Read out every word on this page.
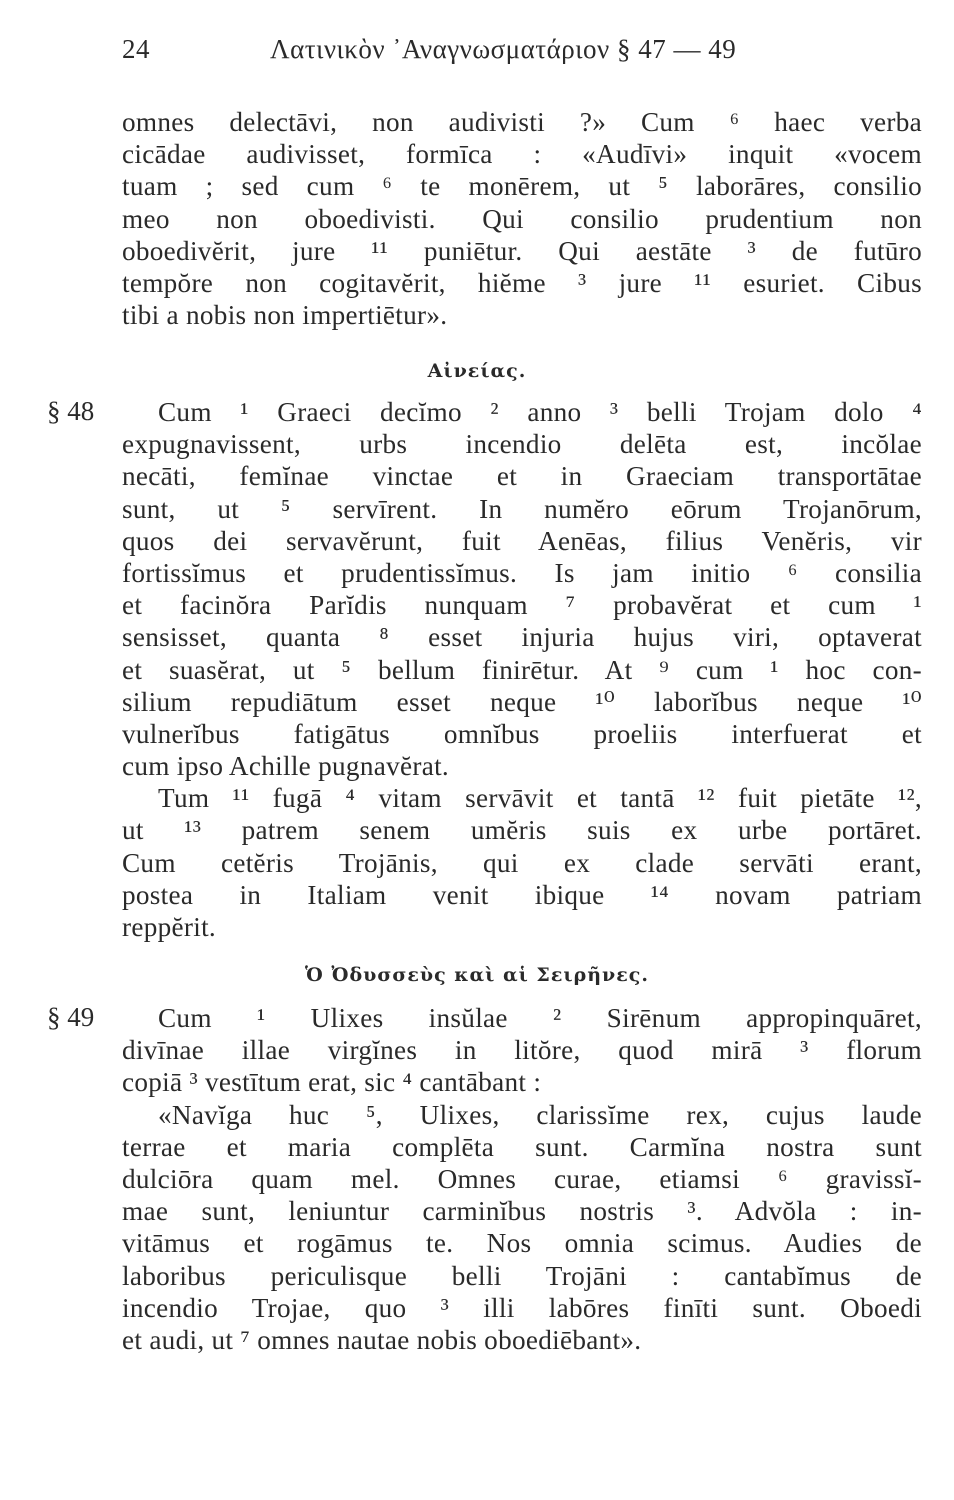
24	Λατινικὸν ᾿Αναγνωσματάριον § 47 — 49
omnes delectāvi, non audivisti ?» Cum ⁶ haec verba
cicādae audivisset, formīca : «Audīvi» inquit «vocem
tuam ; sed cum ⁶ te monērem, ut ⁵ laborāres, consilio
meo non oboedivisti. Qui consilio prudentium non
oboedivĕrit, jure ¹¹ puniētur. Qui aestāte ³ de futūro
tempŏre non cogitavĕrit, hiĕme ³ jure ¹¹ esuriet. Cibus
tibi a nobis non impertiētur».
Αἰνείας.
§ 48	Cum ¹ Graeci decĭmo ² anno ³ belli Trojam dolo ⁴
expugnavissent, urbs incendio delēta est, incŏlae
necāti, femĭnae vinctae et in Graeciam transportātae
sunt, ut ⁵ servīrent. In numĕro eōrum Trojanōrum,
quos dei servavĕrunt, fuit Aenēas, filius Venĕris, vir
fortissĭmus et prudentissĭmus. Is jam initio ⁶ consilia
et facinŏra Parĭdis nunquam ⁷ probavĕrat et cum ¹
sensisset, quanta ⁸ esset injuria hujus viri, optaverat
et suasĕrat, ut ⁵ bellum finirētur. At ⁹ cum ¹ hoc con-
silium repudiātum esset neque ¹⁰ laborĭbus neque ¹⁰
vulnerĭbus fatigātus omnĭbus proeliis interfuerat et
cum ipso Achille pugnavĕrat.
Tum ¹¹ fugā ⁴ vitam servāvit et tantā ¹² fuit pietāte ¹²,
ut ¹³ patrem senem umĕris suis ex urbe portāret.
Cum cetĕris Trojānis, qui ex clade servāti erant,
postea in Italiam venit ibique ¹⁴ novam patriam
reppĕrit.
Ὁ Ὀδυσσεὺς καὶ αἱ Σειρῆνες.
§ 49	Cum ¹ Ulixes insŭlae ² Sirēnum appropinquāret,
divīnae illae virgĭnes in litŏre, quod mirā ³ florum
copiā ³ vestītum erat, sic ⁴ cantābant :
«Navĭga huc ⁵, Ulixes, clarissĭme rex, cujus laude
terrae et maria complēta sunt. Carmĭna nostra sunt
dulciōra quam mel. Omnes curae, etiamsi ⁶ gravissĭ-
mae sunt, leniuntur carminĭbus nostris ³. Advŏla : in-
vitāmus et rogāmus te. Nos omnia scimus. Audies de
laboribus periculisque belli Trojāni : cantabĭmus de
incendio Trojae, quo ³ illi labōres finīti sunt. Oboedi
et audi, ut ⁷ omnes nautae nobis oboediēbant».
